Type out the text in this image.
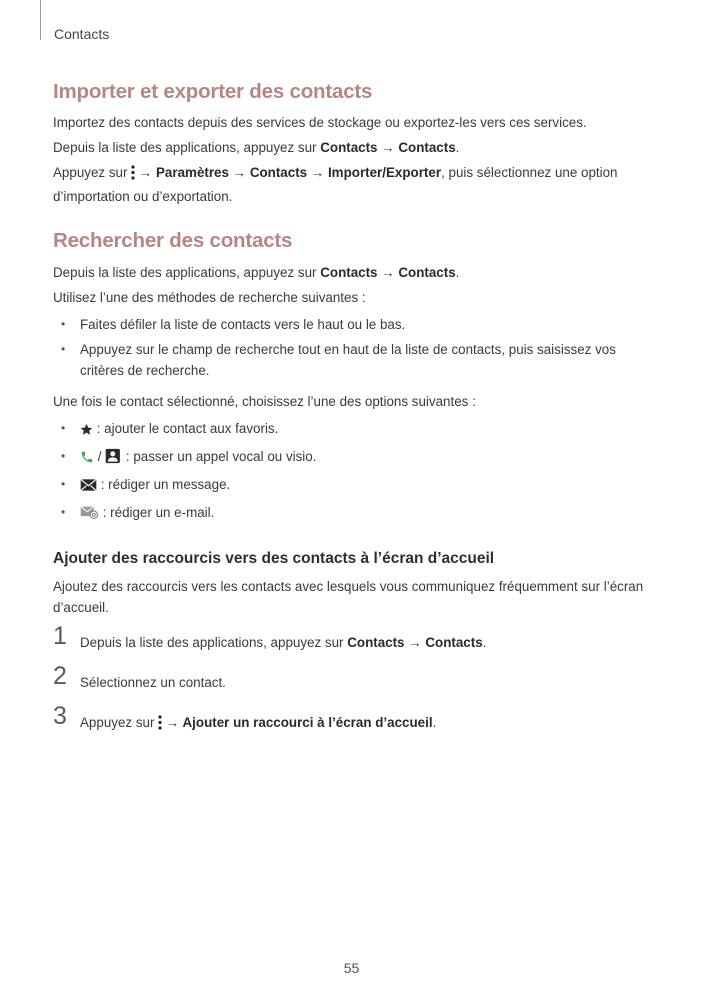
Contacts
Importer et exporter des contacts

Importez des contacts depuis des services de stockage ou exportez-les vers ces services.

Depuis la liste des applications, appuyez sur Contacts → Contacts.

Appuyez sur  → Paramètres → Contacts → Importer/Exporter, puis sélectionnez une option d’importation ou d’exportation.

Rechercher des contacts

Depuis la liste des applications, appuyez sur Contacts → Contacts.

Utilisez l’une des méthodes de recherche suivantes :

• Faites défiler la liste de contacts vers le haut ou le bas.
• Appuyez sur le champ de recherche tout en haut de la liste de contacts, puis saisissez vos critères de recherche.

Une fois le contact sélectionné, choisissez l’une des options suivantes :

• : ajouter le contact aux favoris.
• /  : passer un appel vocal ou visio.
• : rédiger un message.
•	: rédiger un e-mail.
Ajouter des raccourcis vers des contacts à l’écran d’accueil

Ajoutez des raccourcis vers les contacts avec lesquels vous communiquez fréquemment sur l’écran d’accueil.

1 Depuis la liste des applications, appuyez sur Contacts → Contacts.
2 Sélectionnez un contact.
3 Appuyez sur  → Ajouter un raccourci à l’écran d’accueil.
55
